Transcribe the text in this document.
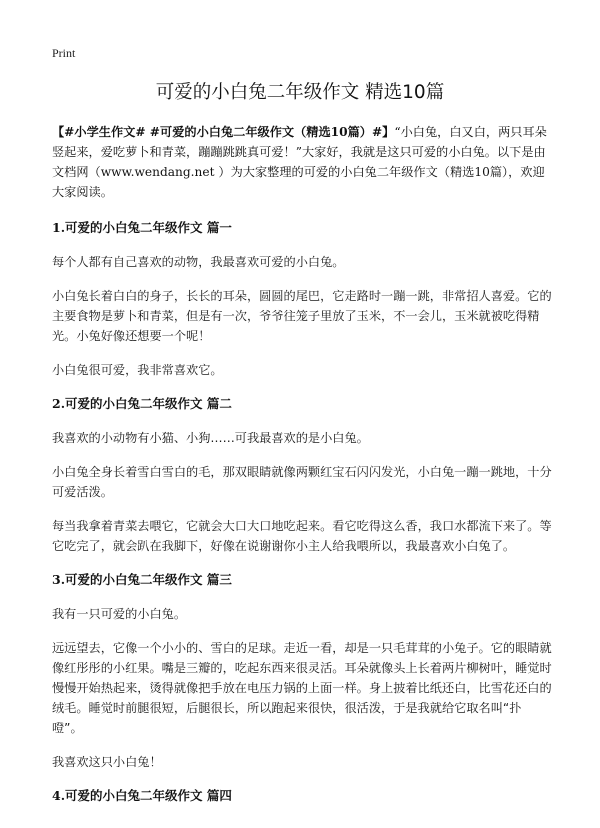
Print
可爱的小白兔二年级作文 精选10篇

【#小学生作文# #可爱的小白兔二年级作文（精选10篇）#】“小白兔，白又白，两只耳朵竖起来，爱吃萝卜和青菜，蹦蹦跳跳真可爱！”大家好，我就是这只可爱的小白兔。以下是由文档网（www.wendang.net ）为大家整理的可爱的小白兔二年级作文（精选10篇），欢迎大家阅读。

1.可爱的小白兔二年级作文 篇一

每个人都有自己喜欢的动物，我最喜欢可爱的小白兔。

小白兔长着白白的身子，长长的耳朵，圆圆的尾巴，它走路时一蹦一跳，非常招人喜爱。它的主要食物是萝卜和青菜，但是有一次，爷爷往笼子里放了玉米，不一会儿，玉米就被吃得精光。小兔好像还想要一个呢！

小白兔很可爱，我非常喜欢它。

2.可爱的小白兔二年级作文 篇二

我喜欢的小动物有小猫、小狗……可我最喜欢的是小白兔。

小白兔全身长着雪白雪白的毛，那双眼睛就像两颗红宝石闪闪发光，小白兔一蹦一跳地，十分可爱活泼。

每当我拿着青菜去喂它，它就会大口大口地吃起来。看它吃得这么香，我口水都流下来了。等它吃完了，就会趴在我脚下，好像在说谢谢你小主人给我喂所以，我最喜欢小白兔了。

3.可爱的小白兔二年级作文 篇三

我有一只可爱的小白兔。

远远望去，它像一个小小的、雪白的足球。走近一看，却是一只毛茸茸的小兔子。它的眼睛就像红彤彤的小红果。嘴是三瓣的，吃起东西来很灵活。耳朵就像头上长着两片柳树叶，睡觉时慢慢开始热起来，烫得就像把手放在电压力锅的上面一样。身上披着比纸还白，比雪花还白的绒毛。睡觉时前腿很短，后腿很长，所以跑起来很快，很活泼，于是我就给它取名叫“扑噔”。

我喜欢这只小白兔！

4.可爱的小白兔二年级作文 篇四
